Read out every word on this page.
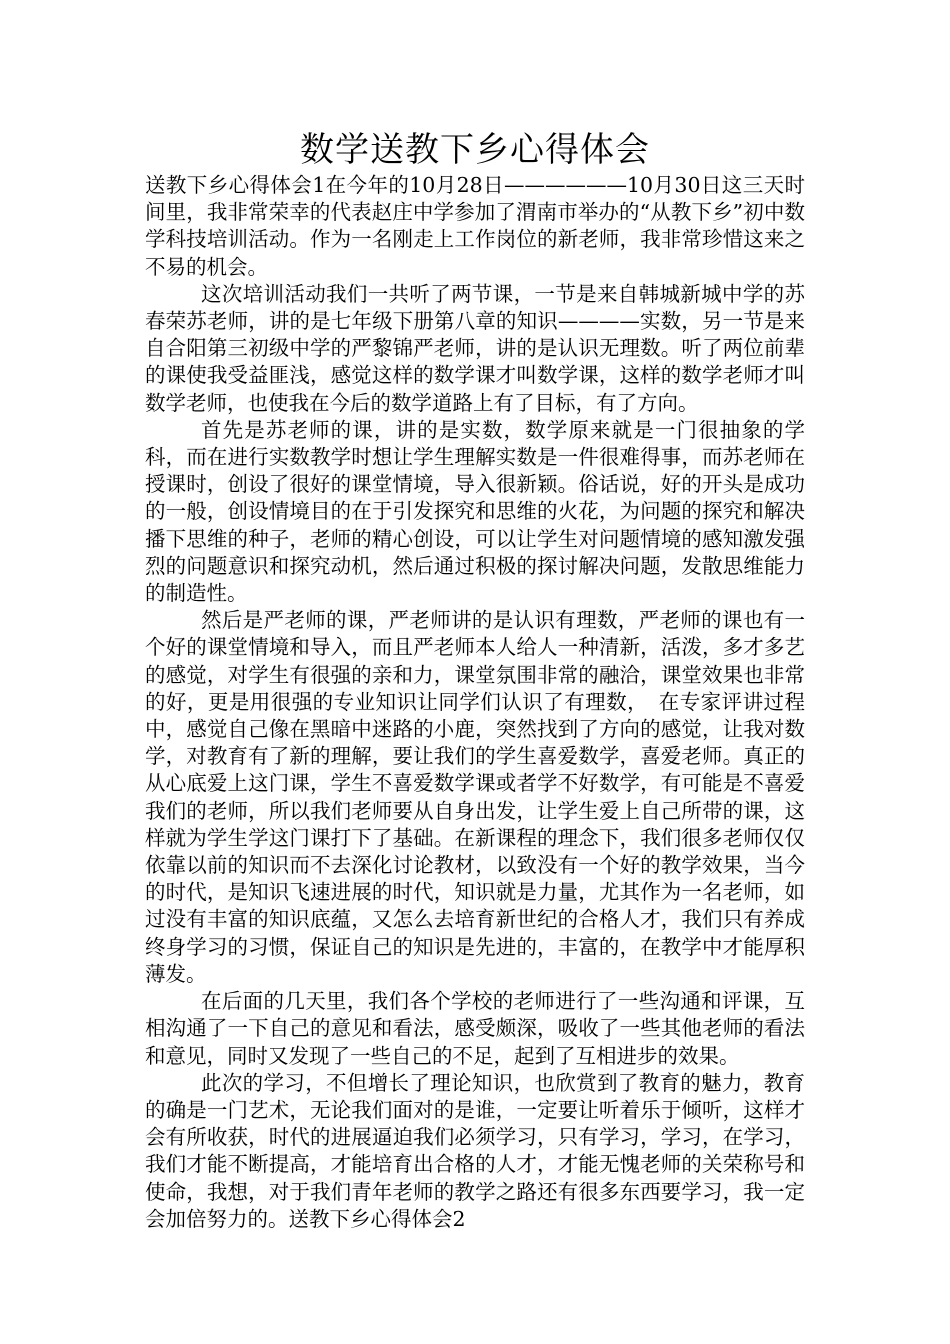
数学送教下乡心得体会

送教下乡心得体会1在今年的10月28日——————10月30日这三天时间里，我非常荣幸的代表赵庄中学参加了渭南市举办的“从教下乡”初中数学科技培训活动。作为一名刚走上工作岗位的新老师，我非常珍惜这来之不易的机会。

这次培训活动我们一共听了两节课，一节是来自韩城新城中学的苏春荣苏老师，讲的是七年级下册第八章的知识————实数，另一节是来自合阳第三初级中学的严黎锦严老师，讲的是认识无理数。听了两位前辈的课使我受益匪浅，感觉这样的数学课才叫数学课，这样的数学老师才叫数学老师，也使我在今后的数学道路上有了目标，有了方向。

首先是苏老师的课，讲的是实数，数学原来就是一门很抽象的学科，而在进行实数教学时想让学生理解实数是一件很难得事，而苏老师在授课时，创设了很好的课堂情境，导入很新颖。俗话说，好的开头是成功的一般，创设情境目的在于引发探究和思维的火花，为问题的探究和解决播下思维的种子，老师的精心创设，可以让学生对问题情境的感知激发强烈的问题意识和探究动机，然后通过积极的探讨解决问题，发散思维能力的制造性。

然后是严老师的课，严老师讲的是认识有理数，严老师的课也有一个好的课堂情境和导入，而且严老师本人给人一种清新，活泼，多才多艺的感觉，对学生有很强的亲和力，课堂氛围非常的融洽，课堂效果也非常的好，更是用很强的专业知识让同学们认识了有理数，　在专家评讲过程中，感觉自己像在黑暗中迷路的小鹿，突然找到了方向的感觉，让我对数学，对教育有了新的理解，要让我们的学生喜爱数学，喜爱老师。真正的从心底爱上这门课，学生不喜爱数学课或者学不好数学，有可能是不喜爱我们的老师，所以我们老师要从自身出发，让学生爱上自己所带的课，这样就为学生学这门课打下了基础。在新课程的理念下，我们很多老师仅仅依靠以前的知识而不去深化讨论教材，以致没有一个好的教学效果，当今的时代，是知识飞速进展的时代，知识就是力量，尤其作为一名老师，如过没有丰富的知识底蕴，又怎么去培育新世纪的合格人才，我们只有养成终身学习的习惯，保证自己的知识是先进的，丰富的，在教学中才能厚积薄发。

在后面的几天里，我们各个学校的老师进行了一些沟通和评课，互相沟通了一下自己的意见和看法，感受颇深，吸收了一些其他老师的看法和意见，同时又发现了一些自己的不足，起到了互相进步的效果。

此次的学习，不但增长了理论知识，也欣赏到了教育的魅力，教育的确是一门艺术，无论我们面对的是谁，一定要让听着乐于倾听，这样才会有所收获，时代的进展逼迫我们必须学习，只有学习，学习，在学习，我们才能不断提高，才能培育出合格的人才，才能无愧老师的关荣称号和使命，我想，对于我们青年老师的教学之路还有很多东西要学习，我一定会加倍努力的。送教下乡心得体会2
